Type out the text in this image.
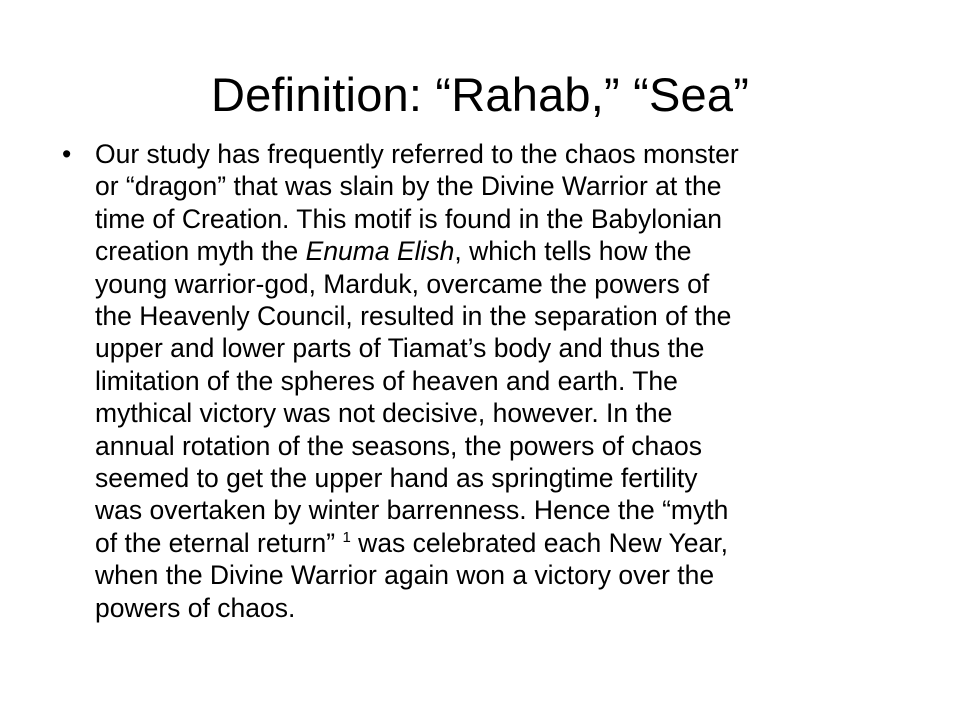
Definition: “Rahab,” “Sea”
• Our study has frequently referred to the chaos monster
or “dragon” that was slain by the Divine Warrior at the
time of Creation. This motif is found in the Babylonian
creation myth the Enuma Elish, which tells how the
young warrior-god, Marduk, overcame the powers of
the Heavenly Council, resulted in the separation of the
upper and lower parts of Tiamat’s body and thus the
limitation of the spheres of heaven and earth. The
mythical victory was not decisive, however. In the
annual rotation of the seasons, the powers of chaos
seemed to get the upper hand as springtime fertility
was overtaken by winter barrenness. Hence the “myth
of the eternal return” $^1$ was celebrated each New Year,
when the Divine Warrior again won a victory over the
powers of chaos.
